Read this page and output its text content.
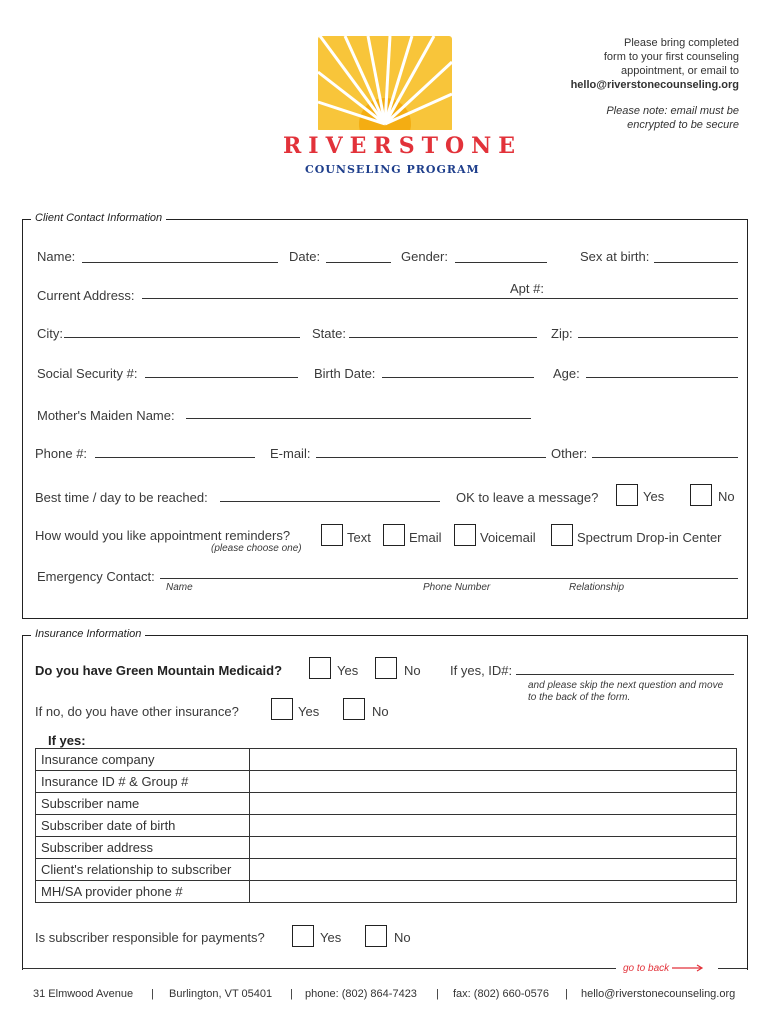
RIVERSTONE
COUNSELING PROGRAM
Please bring completed
form to your first counseling
appointment, or email to
hello@riverstonecounseling.org
Please note: email must be
encrypted to be secure
Client Contact Information
Name:	Date:	Gender:	Sex at birth:
Apt #:
Current Address:
City:	State:	Zip:
Social Security #:	Birth Date:	Age:
Mother's Maiden Name:
Phone #:	E-mail:	Other:
Best time / day to be reached:	OK to leave a message?	Yes	No
How would you like appointment reminders?
(please choose one)
Text	Email	Voicemail	Spectrum Drop-in Center
Emergency Contact:
Name	Phone Number	Relationship
Insurance Information
Do you have Green Mountain Medicaid?	Yes	No If yes, ID#:
and please skip the next question and move
to the back of the form.
If no, do you have other insurance?	Yes	No
If yes:
Insurance company	
Insurance ID # & Group #	
Subscriber name	
Subscriber date of birth	
Subscriber address	
Client's relationship to subscriber	
MH/SA provider phone #	
Is subscriber responsible for payments?	Yes	No
go to back
31 Elmwood Avenue | Burlington, VT 05401 | phone: (802) 864-7423 | fax: (802) 660-0576 | hello@riverstonecounseling.org
